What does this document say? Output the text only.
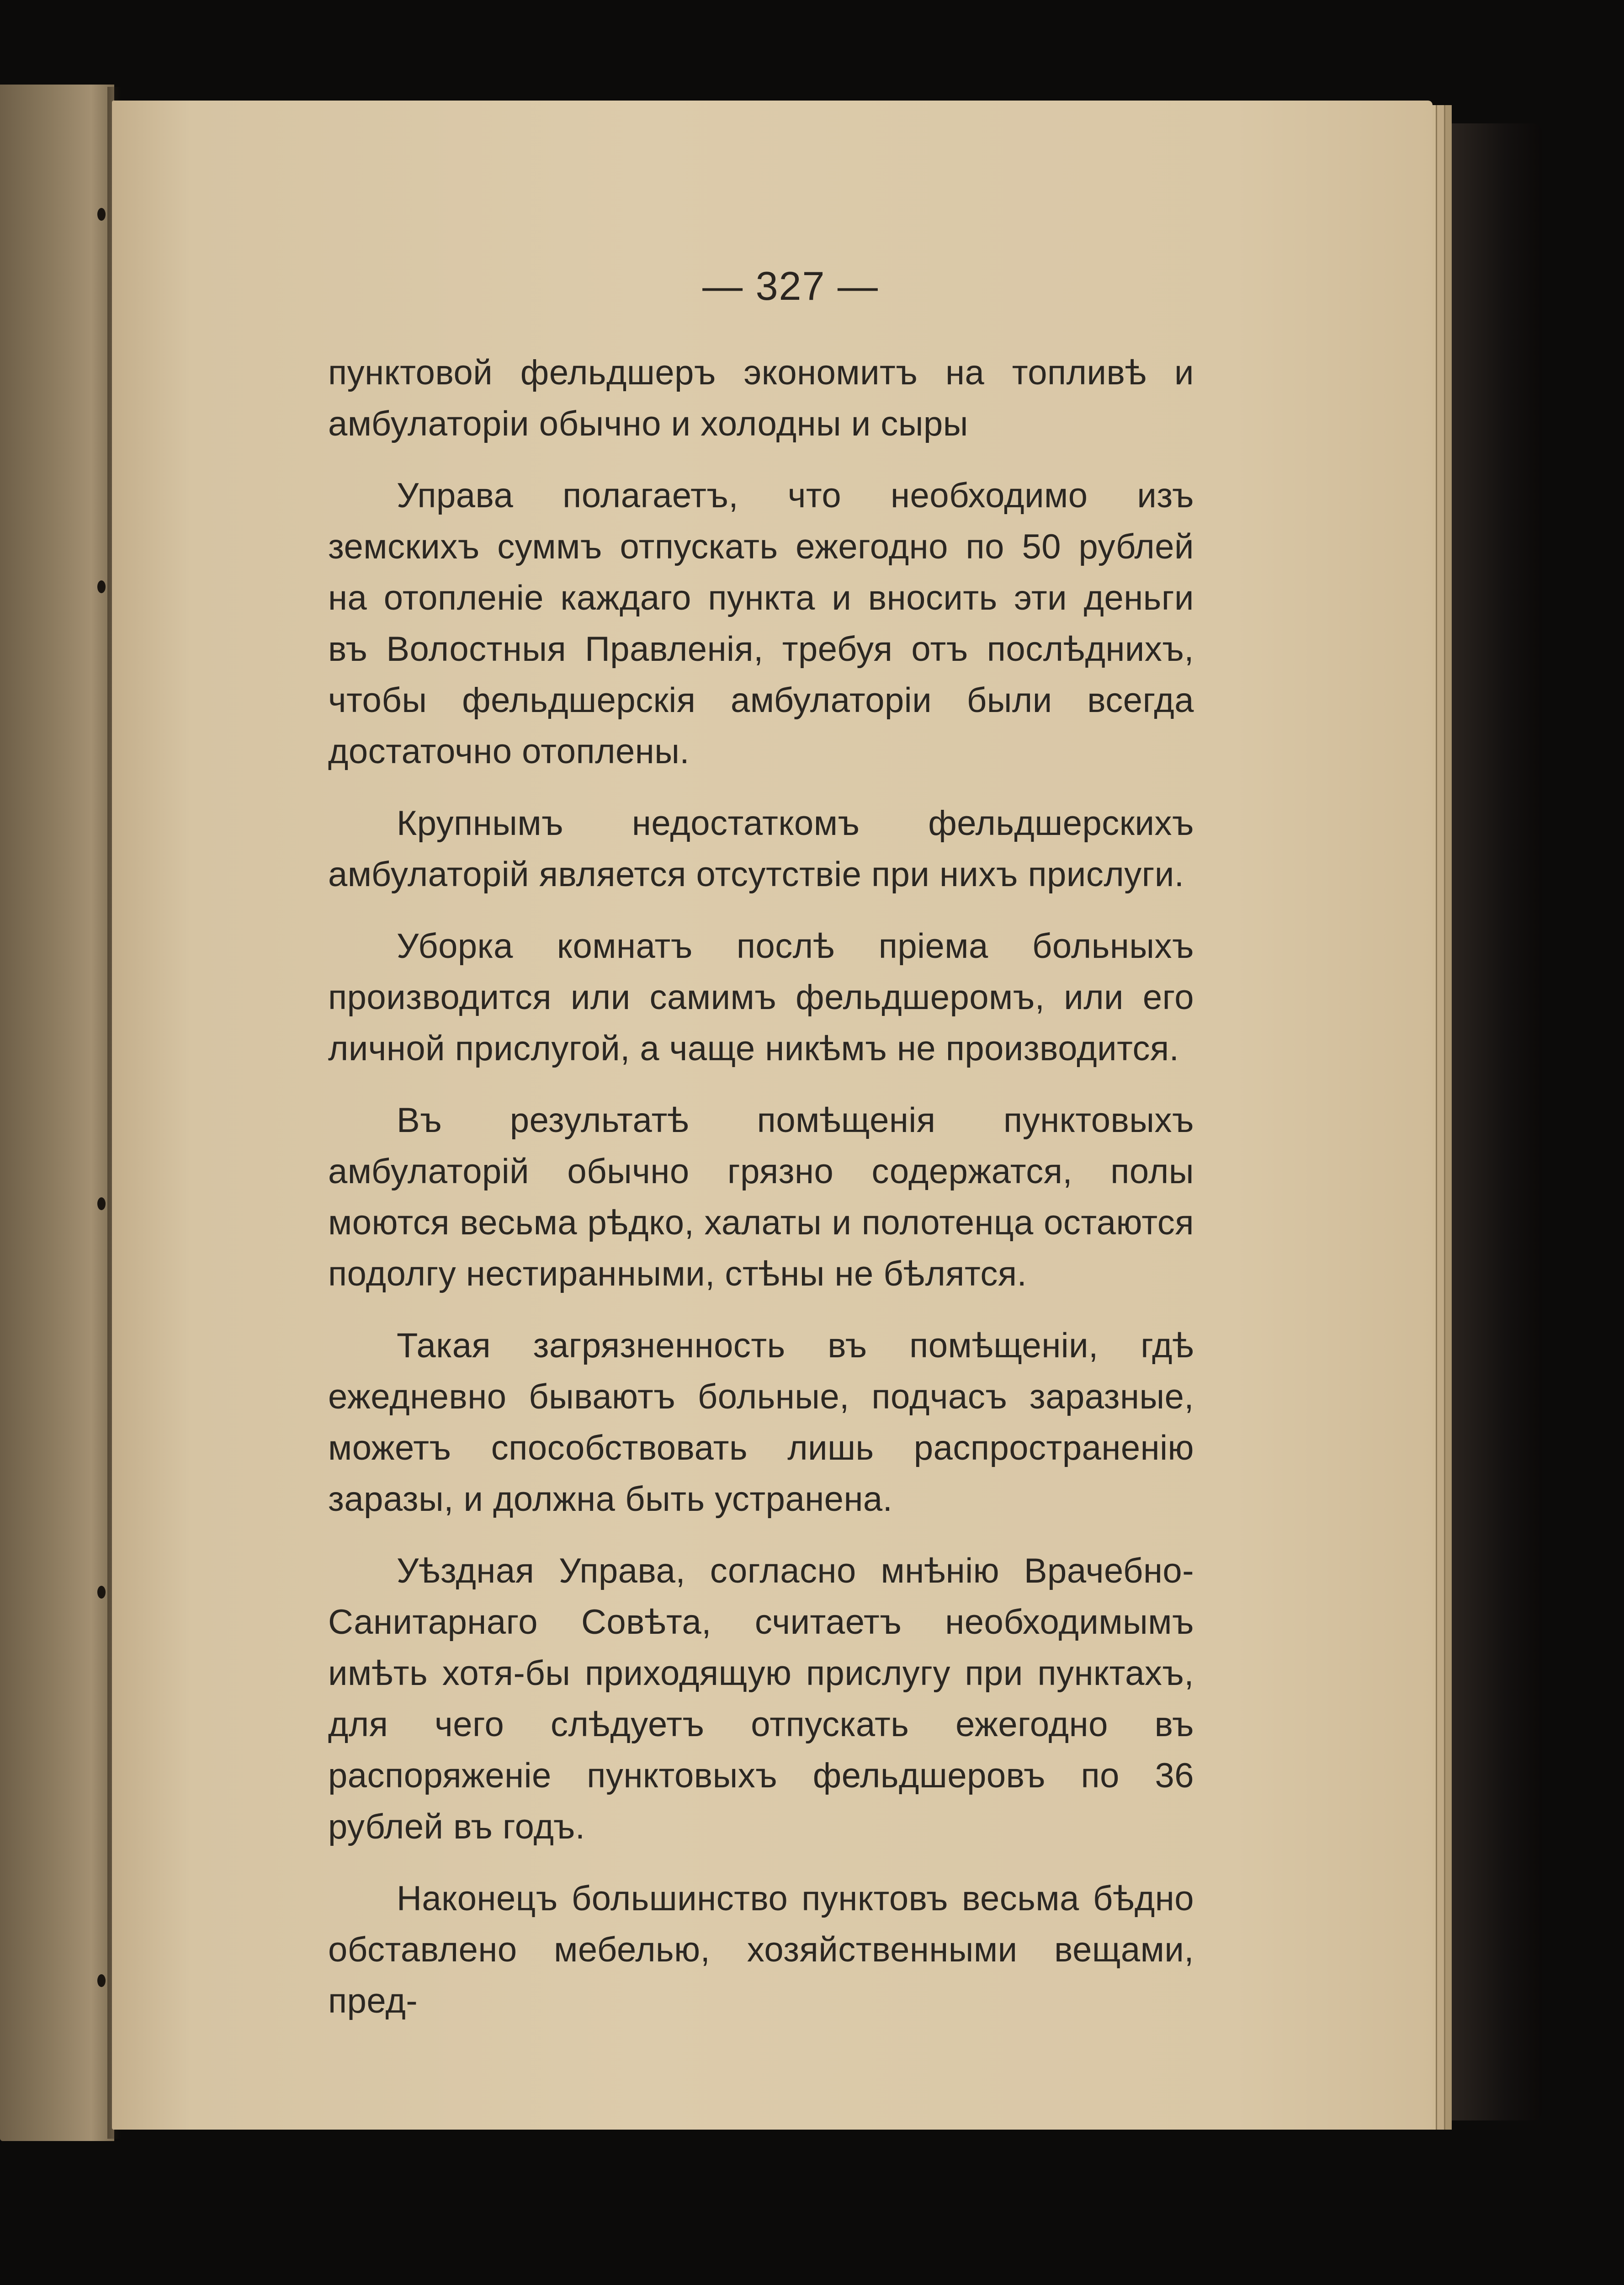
— 327 —

пунктовой фельдшеръ экономитъ на топливѣ и амбулаторіи обычно и холодны и сыры

Управа полагаетъ, что необходимо изъ земскихъ суммъ отпускать ежегодно по 50 рублей на отопленіе каждаго пункта и вносить эти деньги въ Волостныя Правленія, требуя отъ послѣднихъ, чтобы фельдшерскія амбулаторіи были всегда достаточно отоплены.

Крупнымъ недостаткомъ фельдшерскихъ амбулаторій является отсутствіе при нихъ прислуги.

Уборка комнатъ послѣ пріема больныхъ производится или самимъ фельдшеромъ, или его личной прислугой, а чаще никѣмъ не производится.

Въ результатѣ помѣщенія пунктовыхъ амбулаторій обычно грязно содержатся, полы моются весьма рѣдко, халаты и полотенца остаются подолгу нестиранными, стѣны не бѣлятся.

Такая загрязненность въ помѣщеніи, гдѣ ежедневно бываютъ больные, подчасъ заразные, можетъ способствовать лишь распространенію заразы, и должна быть устранена.

Уѣздная Управа, согласно мнѣнію Врачебно-Санитарнаго Совѣта, считаетъ необходимымъ имѣть хотя-бы приходящую прислугу при пунктахъ, для чего слѣдуетъ отпускать ежегодно въ распоряженіе пунктовыхъ фельдшеровъ по 36 рублей въ годъ.

Наконецъ большинство пунктовъ весьма бѣдно обставлено мебелью, хозяйственными вещами, пред-
